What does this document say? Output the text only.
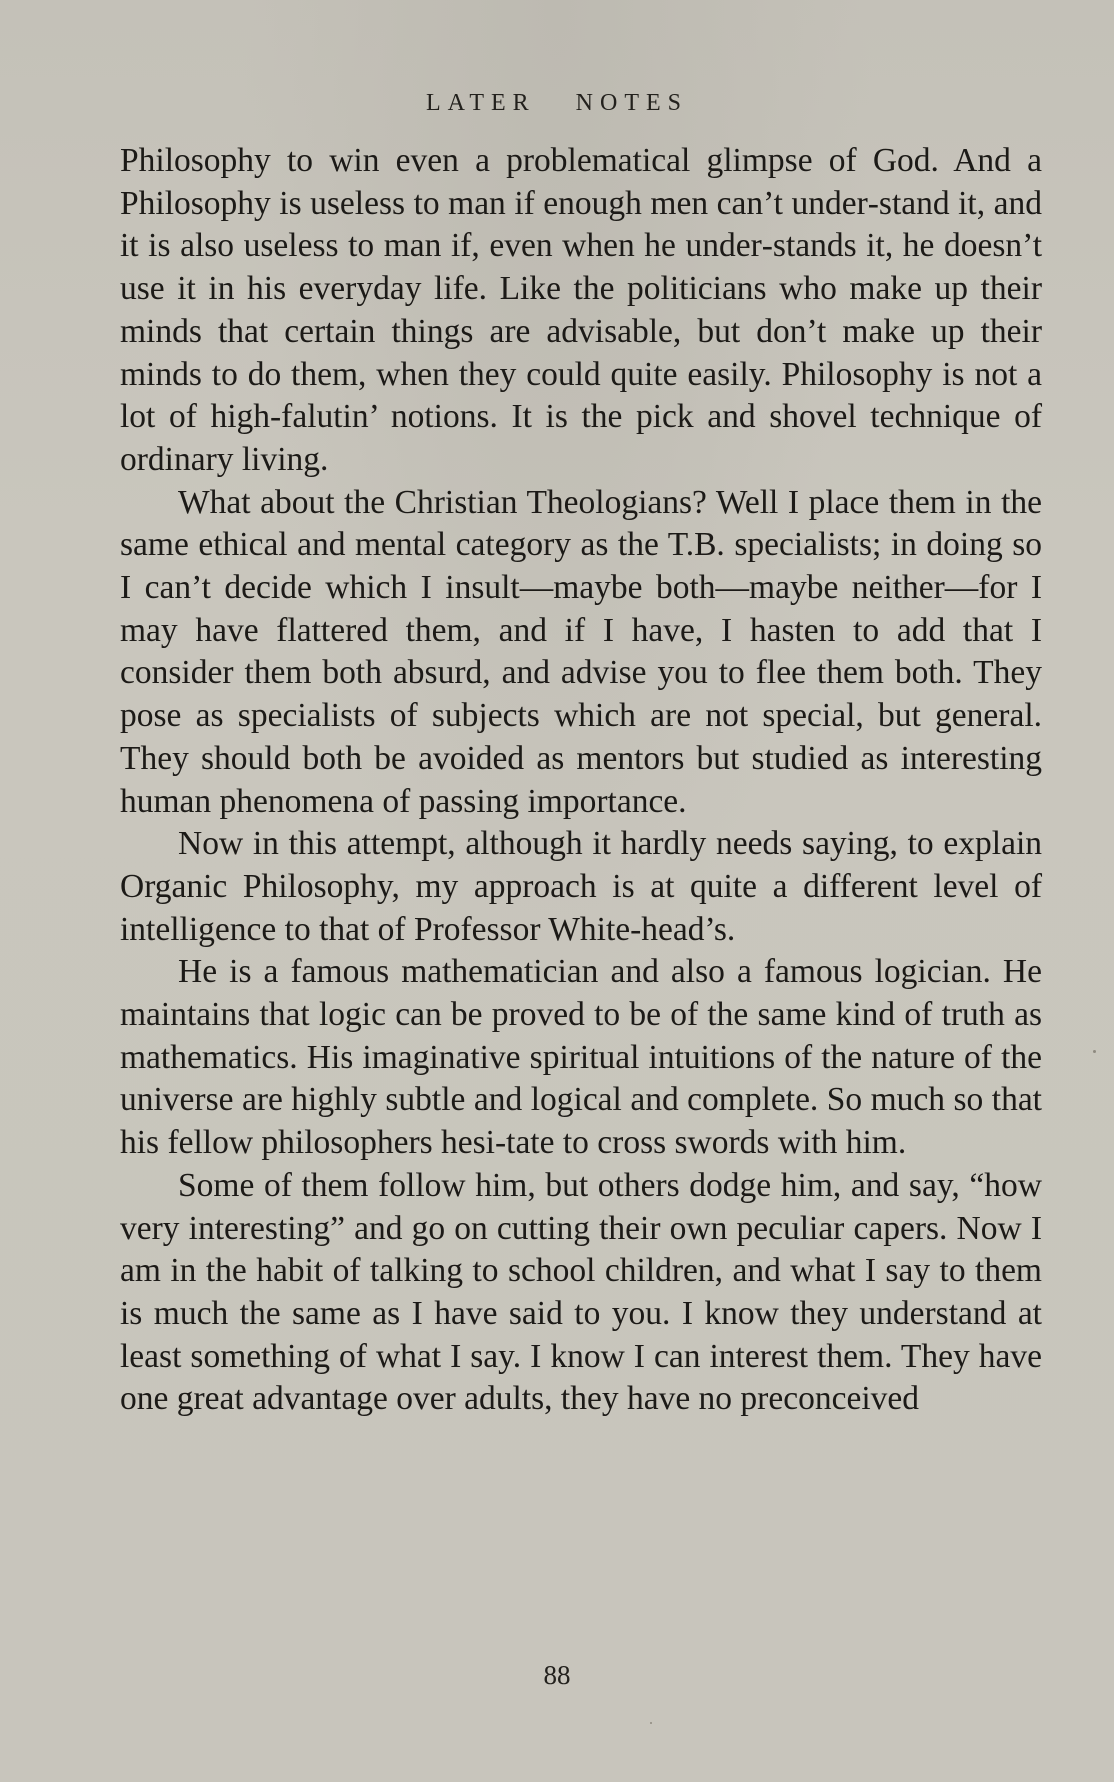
LATER NOTES

Philosophy to win even a problematical glimpse of God. And a Philosophy is useless to man if enough men can’t under‑stand it, and it is also useless to man if, even when he under‑stands it, he doesn’t use it in his everyday life. Like the politicians who make up their minds that certain things are advisable, but don’t make up their minds to do them, when they could quite easily. Philosophy is not a lot of high‑falutin’ notions. It is the pick and shovel technique of ordinary living.

What about the Christian Theologians? Well I place them in the same ethical and mental category as the T.B. specialists; in doing so I can’t decide which I insult—maybe both—maybe neither—for I may have flattered them, and if I have, I hasten to add that I consider them both absurd, and advise you to flee them both. They pose as specialists of subjects which are not special, but general. They should both be avoided as mentors but studied as interesting human phenomena of passing importance.

Now in this attempt, although it hardly needs saying, to explain Organic Philosophy, my approach is at quite a different level of intelligence to that of Professor White‑head’s.

He is a famous mathematician and also a famous logician. He maintains that logic can be proved to be of the same kind of truth as mathematics. His imaginative spiritual intuitions of the nature of the universe are highly subtle and logical and complete. So much so that his fellow philosophers hesi‑tate to cross swords with him.

Some of them follow him, but others dodge him, and say, “how very interesting” and go on cutting their own peculiar capers. Now I am in the habit of talking to school children, and what I say to them is much the same as I have said to you. I know they understand at least something of what I say. I know I can interest them. They have one great advantage over adults, they have no preconceived

88
